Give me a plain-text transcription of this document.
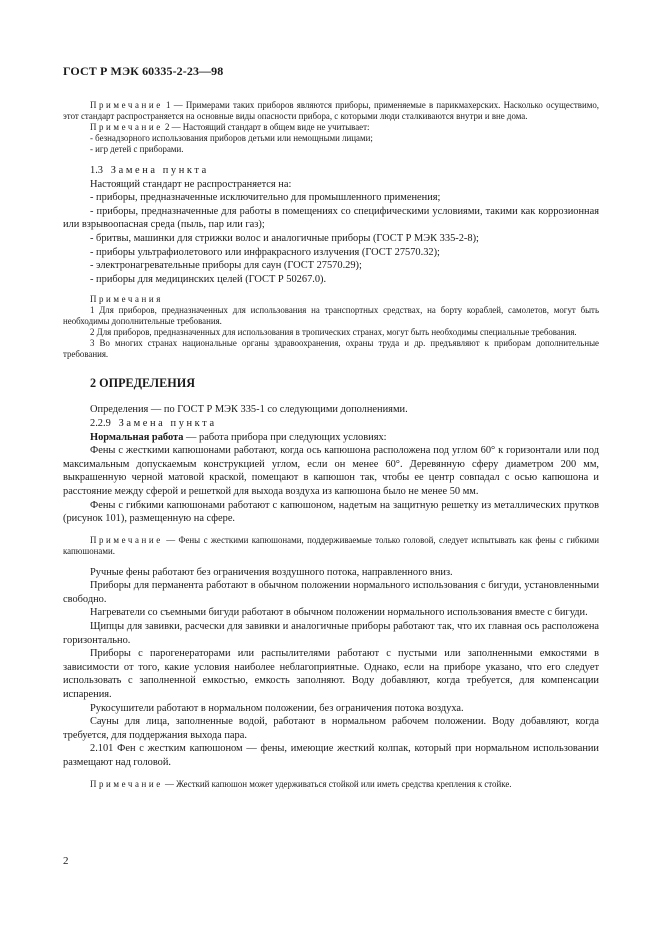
ГОСТ Р МЭК 60335-2-23—98

Примечание 1 — Примерами таких приборов являются приборы, применяемые в парикмахерских. Насколько осуществимо, этот стандарт распространяется на основные виды опасности прибора, с которыми люди сталкиваются внутри и вне дома.

Примечание 2 — Настоящий стандарт в общем виде не учитывает:

- безнадзорного использования приборов детьми или немощными лицами;

- игр детей с приборами.

1.3 Замена пункта

Настоящий стандарт не распространяется на:

- приборы, предназначенные исключительно для промышленного применения;

- приборы, предназначенные для работы в помещениях со специфическими условиями, такими как коррозионная или взрывоопасная среда (пыль, пар или газ);

- бритвы, машинки для стрижки волос и аналогичные приборы (ГОСТ Р МЭК 335-2-8);

- приборы ультрафиолетового или инфракрасного излучения (ГОСТ 27570.32);

- электронагревательные приборы для саун (ГОСТ 27570.29);

- приборы для медицинских целей (ГОСТ Р 50267.0).

Примечания

1 Для приборов, предназначенных для использования на транспортных средствах, на борту кораблей, самолетов, могут быть необходимы дополнительные требования.

2 Для приборов, предназначенных для использования в тропических странах, могут быть необходимы специальные требования.

3 Во многих странах национальные органы здравоохранения, охраны труда и др. предъявляют к приборам дополнительные требования.

2 ОПРЕДЕЛЕНИЯ

Определения — по ГОСТ Р МЭК 335-1 со следующими дополнениями.

2.2.9 Замена пункта

Нормальная работа — работа прибора при следующих условиях:

Фены с жесткими капюшонами работают, когда ось капюшона расположена под углом 60° к горизонтали или под максимальным допускаемым конструкцией углом, если он менее 60°. Деревянную сферу диаметром 200 мм, выкрашенную черной матовой краской, помещают в капюшон так, чтобы ее центр совпадал с осью капюшона и расстояние между сферой и решеткой для выхода воздуха из капюшона было не менее 50 мм.

Фены с гибкими капюшонами работают с капюшоном, надетым на защитную решетку из металлических прутков (рисунок 101), размещенную на сфере.

Примечание — Фены с жесткими капюшонами, поддерживаемые только головой, следует испытывать как фены с гибкими капюшонами.

Ручные фены работают без ограничения воздушного потока, направленного вниз.

Приборы для перманента работают в обычном положении нормального использования с бигуди, установленными свободно.

Нагреватели со съемными бигуди работают в обычном положении нормального использования вместе с бигуди.

Щипцы для завивки, расчески для завивки и аналогичные приборы работают так, что их главная ось расположена горизонтально.

Приборы с парогенераторами или распылителями работают с пустыми или заполненными емкостями в зависимости от того, какие условия наиболее неблагоприятные. Однако, если на приборе указано, что его следует использовать с заполненной емкостью, емкость заполняют. Воду добавляют, когда требуется, для компенсации испарения.

Рукосушители работают в нормальном положении, без ограничения потока воздуха.

Сауны для лица, заполненные водой, работают в нормальном рабочем положении. Воду добавляют, когда требуется, для поддержания выхода пара.

2.101 Фен с жестким капюшоном — фены, имеющие жесткий колпак, который при нормальном использовании размещают над головой.

Примечание — Жесткий капюшон может удерживаться стойкой или иметь средства крепления к стойке.

2
